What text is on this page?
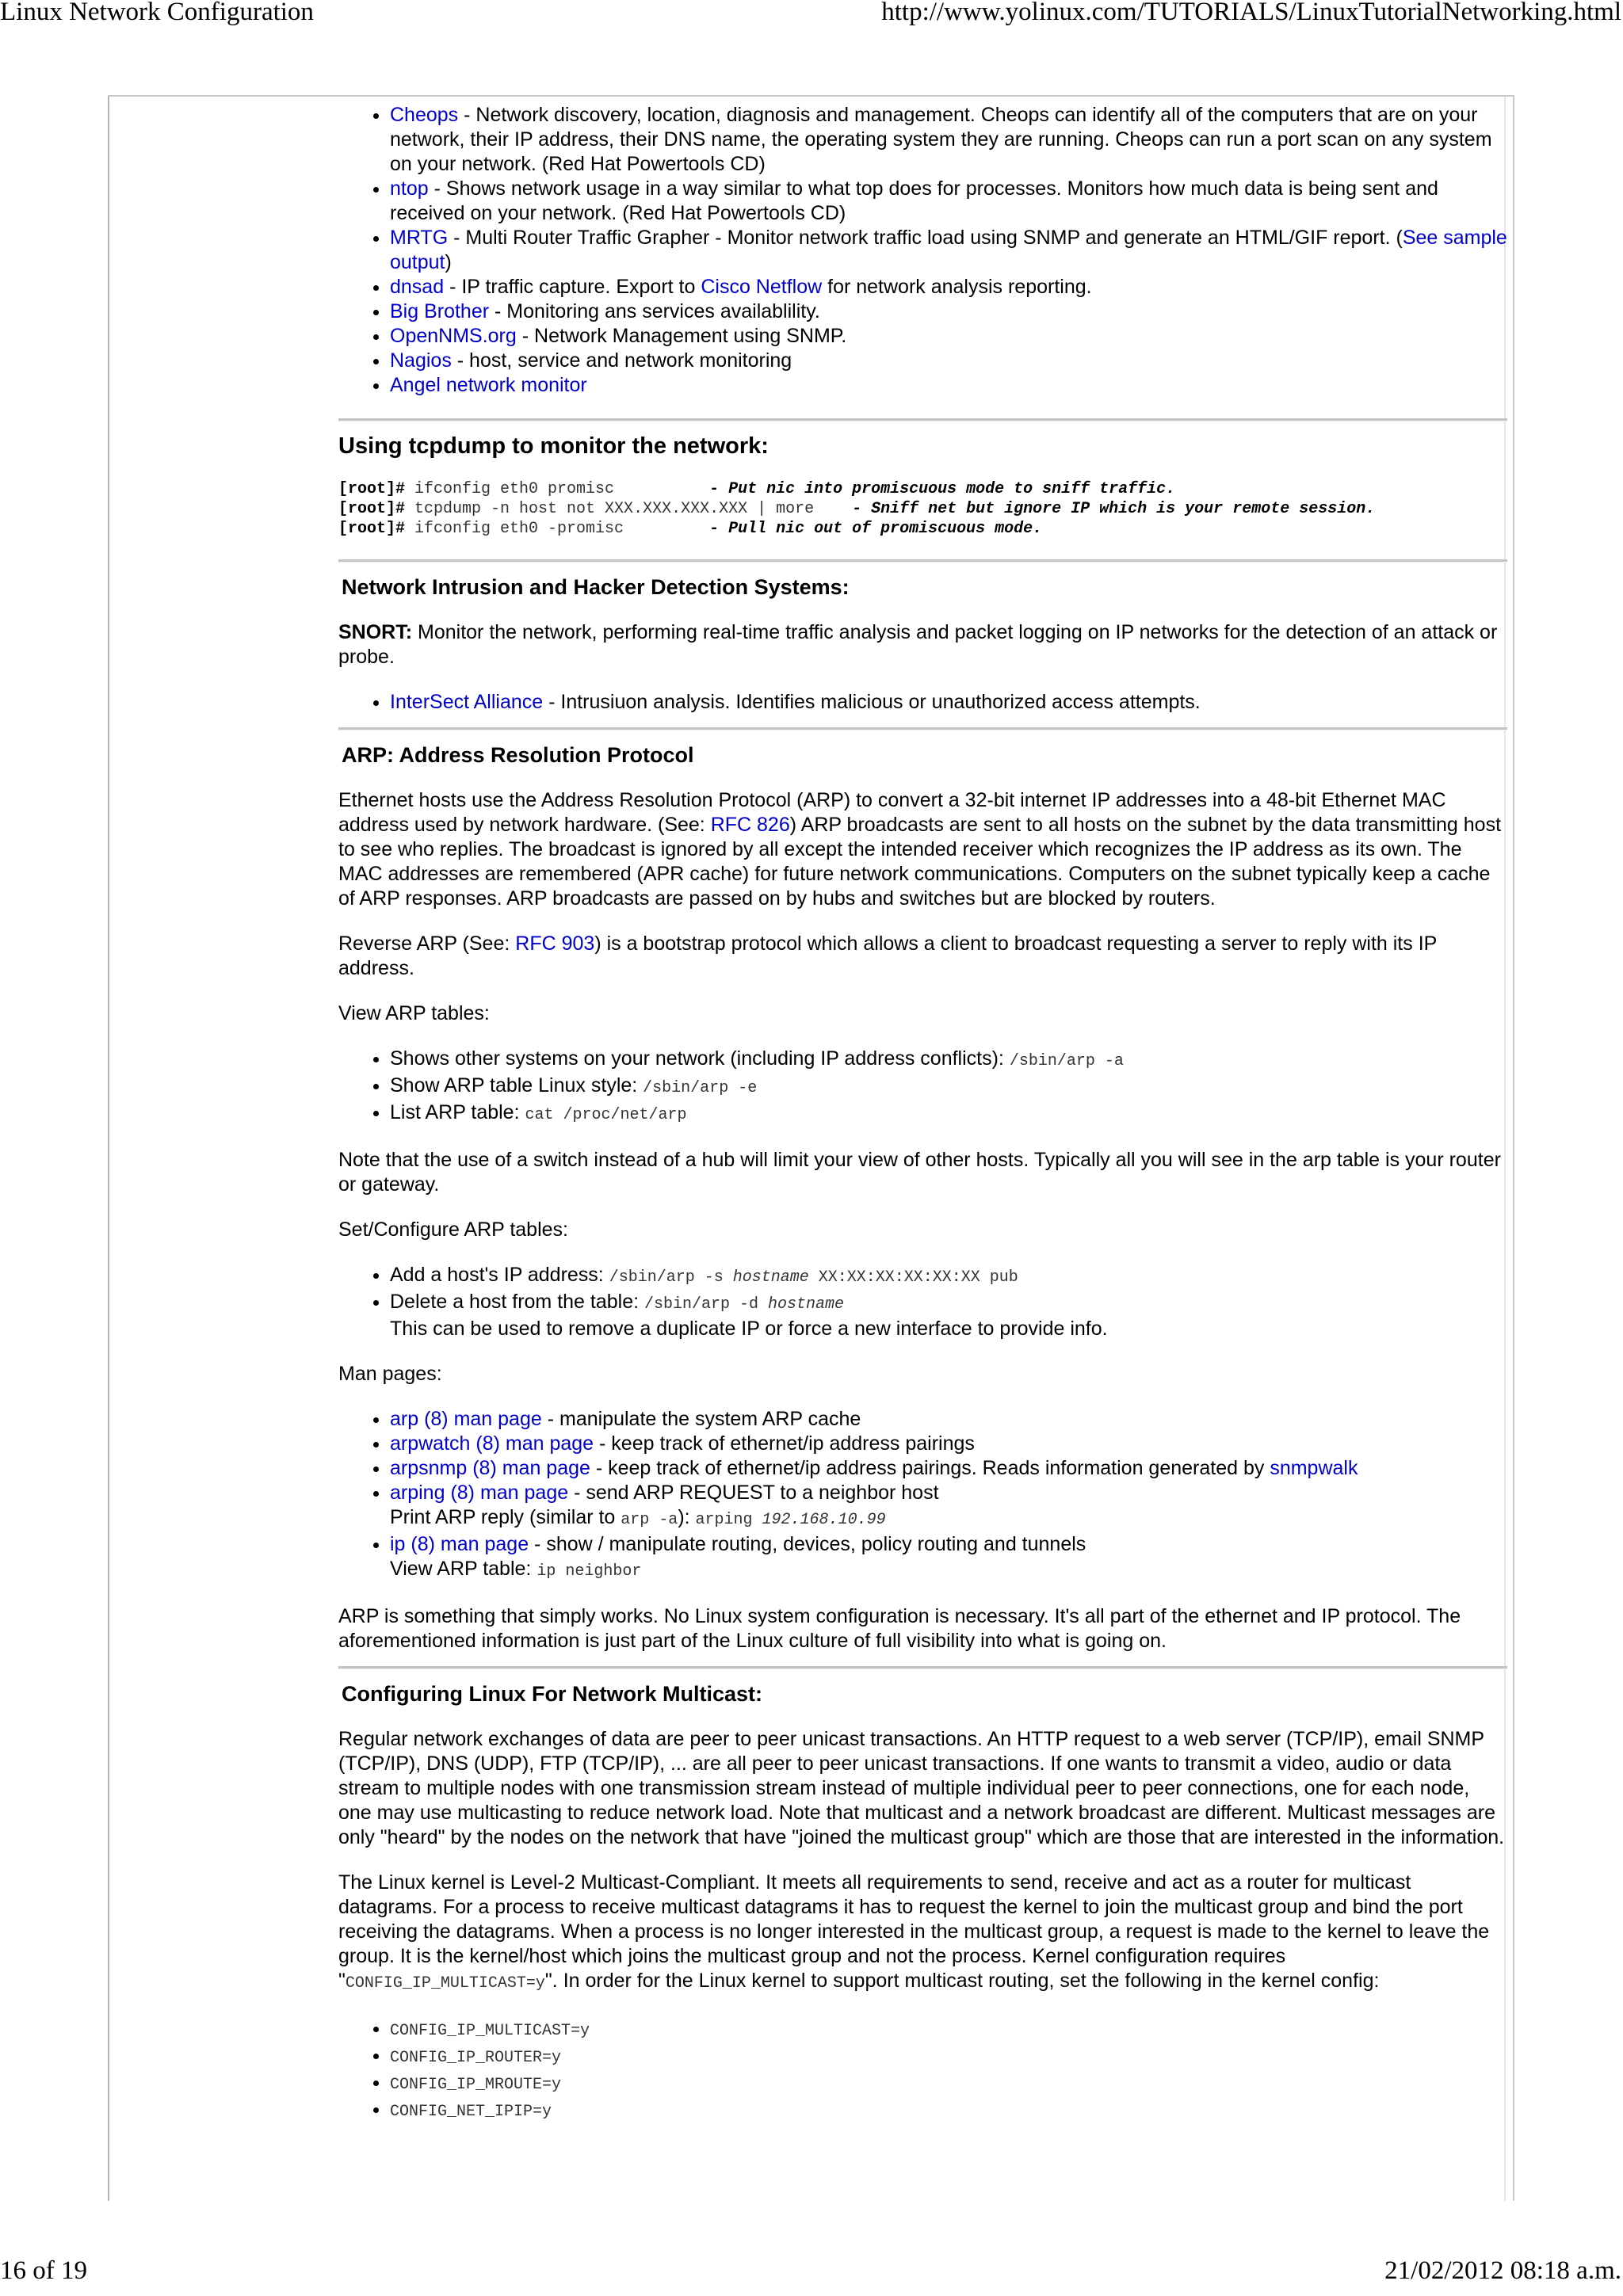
Linux Network Configuration	http://www.yolinux.com/TUTORIALS/LinuxTutorialNetworking.html

• Cheops - Network discovery, location, diagnosis and management. Cheops can identify all of the computers that are on your network, their IP address, their DNS name, the operating system they are running. Cheops can run a port scan on any system on your network. (Red Hat Powertools CD)
• ntop - Shows network usage in a way similar to what top does for processes. Monitors how much data is being sent and received on your network. (Red Hat Powertools CD)
• MRTG - Multi Router Traffic Grapher - Monitor network traffic load using SNMP and generate an HTML/GIF report. (See sample output)
• dnsad - IP traffic capture. Export to Cisco Netflow for network analysis reporting.
• Big Brother - Monitoring ans services availablility.
• OpenNMS.org - Network Management using SNMP.
• Nagios - host, service and network monitoring
• Angel network monitor
Using tcpdump to monitor the network:
[root]# ifconfig eth0 promisc          - Put nic into promiscuous mode to sniff traffic.
[root]# tcpdump -n host not XXX.XXX.XXX.XXX | more    - Sniff net but ignore IP which is your remote session.
[root]# ifconfig eth0 -promisc         - Pull nic out of promiscuous mode.
Network Intrusion and Hacker Detection Systems:

SNORT: Monitor the network, performing real-time traffic analysis and packet logging on IP networks for the detection of an attack or probe.

• InterSect Alliance - Intrusiuon analysis. Identifies malicious or unauthorized access attempts.
ARP: Address Resolution Protocol

Ethernet hosts use the Address Resolution Protocol (ARP) to convert a 32-bit internet IP addresses into a 48-bit Ethernet MAC address used by network hardware. (See: RFC 826) ARP broadcasts are sent to all hosts on the subnet by the data transmitting host to see who replies. The broadcast is ignored by all except the intended receiver which recognizes the IP address as its own. The MAC addresses are remembered (APR cache) for future network communications. Computers on the subnet typically keep a cache of ARP responses. ARP broadcasts are passed on by hubs and switches but are blocked by routers.

Reverse ARP (See: RFC 903) is a bootstrap protocol which allows a client to broadcast requesting a server to reply with its IP address.

View ARP tables:

• Shows other systems on your network (including IP address conflicts): /sbin/arp -a
• Show ARP table Linux style: /sbin/arp -e
• List ARP table: cat /proc/net/arp

Note that the use of a switch instead of a hub will limit your view of other hosts. Typically all you will see in the arp table is your router or gateway.

Set/Configure ARP tables:

• Add a host's IP address: /sbin/arp -s hostname XX:XX:XX:XX:XX:XX pub
• Delete a host from the table: /sbin/arp -d hostname
This can be used to remove a duplicate IP or force a new interface to provide info.

Man pages:

• arp (8) man page - manipulate the system ARP cache
• arpwatch (8) man page - keep track of ethernet/ip address pairings
• arpsnmp (8) man page - keep track of ethernet/ip address pairings. Reads information generated by snmpwalk
• arping (8) man page - send ARP REQUEST to a neighbor host
Print ARP reply (similar to arp -a): arping 192.168.10.99
• ip (8) man page - show / manipulate routing, devices, policy routing and tunnels
View ARP table: ip neighbor

ARP is something that simply works. No Linux system configuration is necessary. It's all part of the ethernet and IP protocol. The aforementioned information is just part of the Linux culture of full visibility into what is going on.

Configuring Linux For Network Multicast:

Regular network exchanges of data are peer to peer unicast transactions. An HTTP request to a web server (TCP/IP), email SNMP (TCP/IP), DNS (UDP), FTP (TCP/IP), ... are all peer to peer unicast transactions. If one wants to transmit a video, audio or data stream to multiple nodes with one transmission stream instead of multiple individual peer to peer connections, one for each node, one may use multicasting to reduce network load. Note that multicast and a network broadcast are different. Multicast messages are only "heard" by the nodes on the network that have "joined the multicast group" which are those that are interested in the information.

The Linux kernel is Level-2 Multicast-Compliant. It meets all requirements to send, receive and act as a router for multicast datagrams. For a process to receive multicast datagrams it has to request the kernel to join the multicast group and bind the port receiving the datagrams. When a process is no longer interested in the multicast group, a request is made to the kernel to leave the group. It is the kernel/host which joins the multicast group and not the process. Kernel configuration requires "CONFIG_IP_MULTICAST=y". In order for the Linux kernel to support multicast routing, set the following in the kernel config:

• CONFIG_IP_MULTICAST=y
• CONFIG_IP_ROUTER=y
• CONFIG_IP_MROUTE=y
• CONFIG_NET_IPIP=y
16 of 19	21/02/2012 08:18 a.m.
